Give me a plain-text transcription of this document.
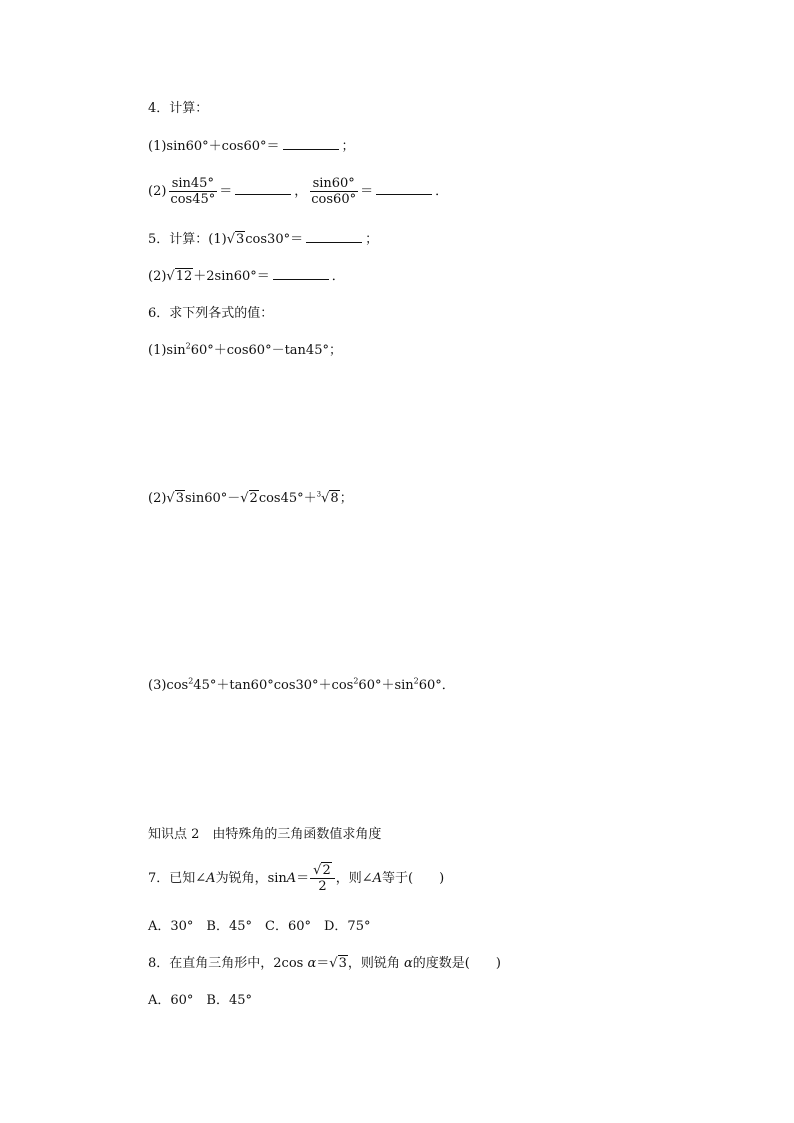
4．计算：
(1)sin60°＋cos60°＝	；
$(2) \frac{\sin 45^\circ}{\cos 45^\circ}$ ＝	， $\frac{\sin 60^\circ}{\cos 60^\circ}$ ＝	．
5．计算：(1)√3cos30°＝	；
(2)√12＋2sin60°＝	．
6．求下列各式的值：
$(1)\sin^260^\circ+\cos 60^\circ-\tan 45^\circ$；
(2)√3sin60°－√2cos45°＋$^3$√8；
$(3)\cos^245^\circ+\tan 60^\circ\cos 30^\circ+\cos^260^\circ+\sin^260^\circ$．
知识点 2　由特殊角的三角函数值求角度
7．已知∠A为锐角，$\sin A= \frac{√2}{2}$ ，则∠A等于(　　)
A．30°　B．45°　C．60°　D．75°
8．在直角三角形中，2cos α＝√3，则锐角 α的度数是(　　)
A．60°　B．45°
